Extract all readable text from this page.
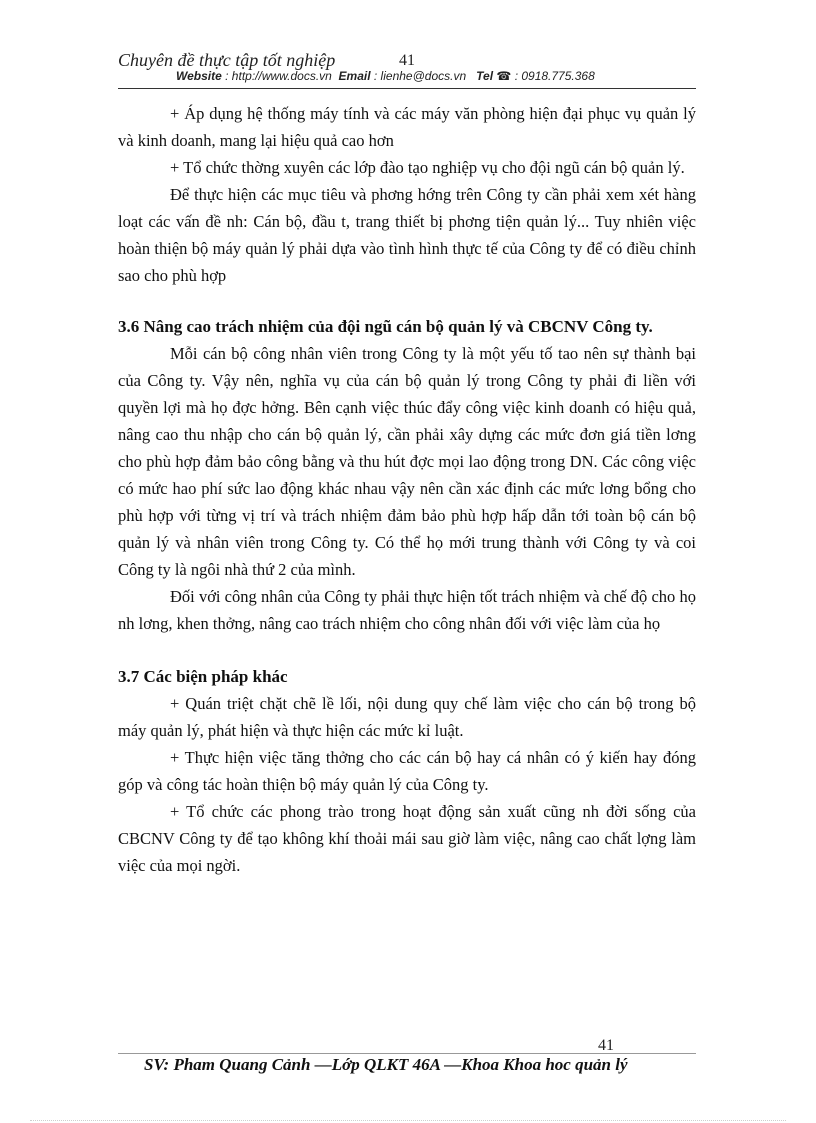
Chuyên đề thực tập tốt nghiệp	41
Website : http://www.docs.vn Email : lienhe@docs.vn Tel ☎ : 0918.775.368

+ Áp dụng hệ thống máy tính và các máy văn phòng hiện đại phục vụ quản lý và kinh doanh, mang lại hiệu quả cao hơn

+ Tổ chức thờng xuyên các lớp đào tạo nghiệp vụ cho đội ngũ cán bộ quản lý.

Để thực hiện các mục tiêu và phơng hớng trên Công ty cần phải xem xét hàng loạt các vấn đề nh: Cán bộ, đầu t, trang thiết bị phơng tiện quản lý... Tuy nhiên việc hoàn thiện bộ máy quản lý phải dựa vào tình hình thực tế của Công ty để có điều chỉnh sao cho phù hợp

3.6 Nâng cao trách nhiệm của đội ngũ cán bộ quản lý và CBCNV Công ty.

Mỗi cán bộ công nhân viên trong Công ty là một yếu tố tao nên sự thành bại của Công ty. Vậy nên, nghĩa vụ của cán bộ quản lý trong Công ty phải đi liền với quyền lợi mà họ đợc hởng. Bên cạnh việc thúc đẩy công việc kinh doanh có hiệu quả, nâng cao thu nhập cho cán bộ quản lý, cần phải xây dựng các mức đơn giá tiền lơng cho phù hợp đảm bảo công bằng và thu hút đợc mọi lao động trong DN. Các công việc có mức hao phí sức lao động khác nhau vậy nên cần xác định các mức lơng bổng cho phù hợp với từng vị trí và trách nhiệm đảm bảo phù hợp hấp dẫn tới toàn bộ cán bộ quản lý và nhân viên trong Công ty. Có thể họ mới trung thành với Công ty và coi Công ty là ngôi nhà thứ 2 của mình.

Đối với công nhân của Công ty phải thực hiện tốt trách nhiệm và chế độ cho họ nh lơng, khen thởng, nâng cao trách nhiệm cho công nhân đối với việc làm của họ

3.7 Các biện pháp khác

+ Quán triệt chặt chẽ lề lối, nội dung quy chế làm việc cho cán bộ trong bộ máy quản lý, phát hiện và thực hiện các mức kỉ luật.

+ Thực hiện việc tăng thởng cho các cán bộ hay cá nhân có ý kiến hay đóng góp và công tác hoàn thiện bộ máy quản lý của Công ty.

+ Tổ chức các phong trào trong hoạt động sản xuất cũng nh đời sống của CBCNV Công ty để tạo không khí thoải mái sau giờ làm việc, nâng cao chất lợng làm việc của mọi ngời.

41
SV: Pham Quang Cảnh —Lớp QLKT 46A —Khoa Khoa hoc quản lý
